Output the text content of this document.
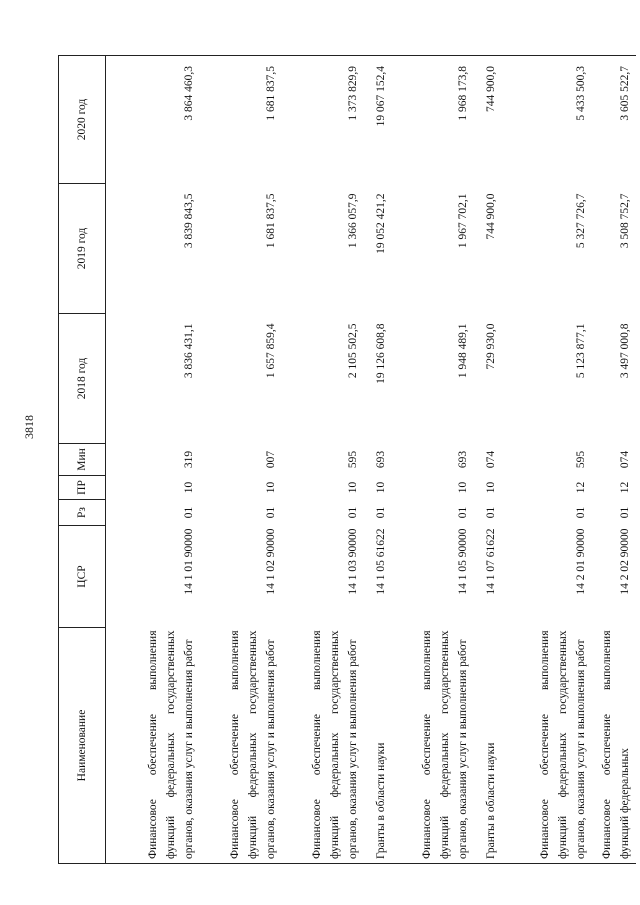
3818
Наименование	ЦСР	Рз	ПР	Мин	2018 год	2019 год	2020 год
Финансовое обеспечение выполнения функций федеральных государственных органов, оказания услуг и выполнения работ	14 1 01 90000	01	10	319	3 836 431,1	3 839 843,5	3 864 460,3
Финансовое обеспечение выполнения функций федеральных государственных органов, оказания услуг и выполнения работ	14 1 02 90000	01	10	007	1 657 859,4	1 681 837,5	1 681 837,5
Финансовое обеспечение выполнения функций федеральных государственных органов, оказания услуг и выполнения работ	14 1 03 90000	01	10	595	2 105 502,5	1 366 057,9	1 373 829,9
Гранты в области науки	14 1 05 61622	01	10	693	19 126 608,8	19 052 421,2	19 067 152,4
Финансовое обеспечение выполнения функций федеральных государственных органов, оказания услуг и выполнения работ	14 1 05 90000	01	10	693	1 948 489,1	1 967 702,1	1 968 173,8
Гранты в области науки	14 1 07 61622	01	10	074	729 930,0	744 900,0	744 900,0
Финансовое обеспечение выполнения функций федеральных государственных органов, оказания услуг и выполнения работ	14 2 01 90000	01	12	595	5 123 877,1	5 327 726,7	5 433 500,3
Финансовое обеспечение выполнения функций федеральных	14 2 02 90000	01	12	074	3 497 000,8	3 508 752,7	3 605 522,7
